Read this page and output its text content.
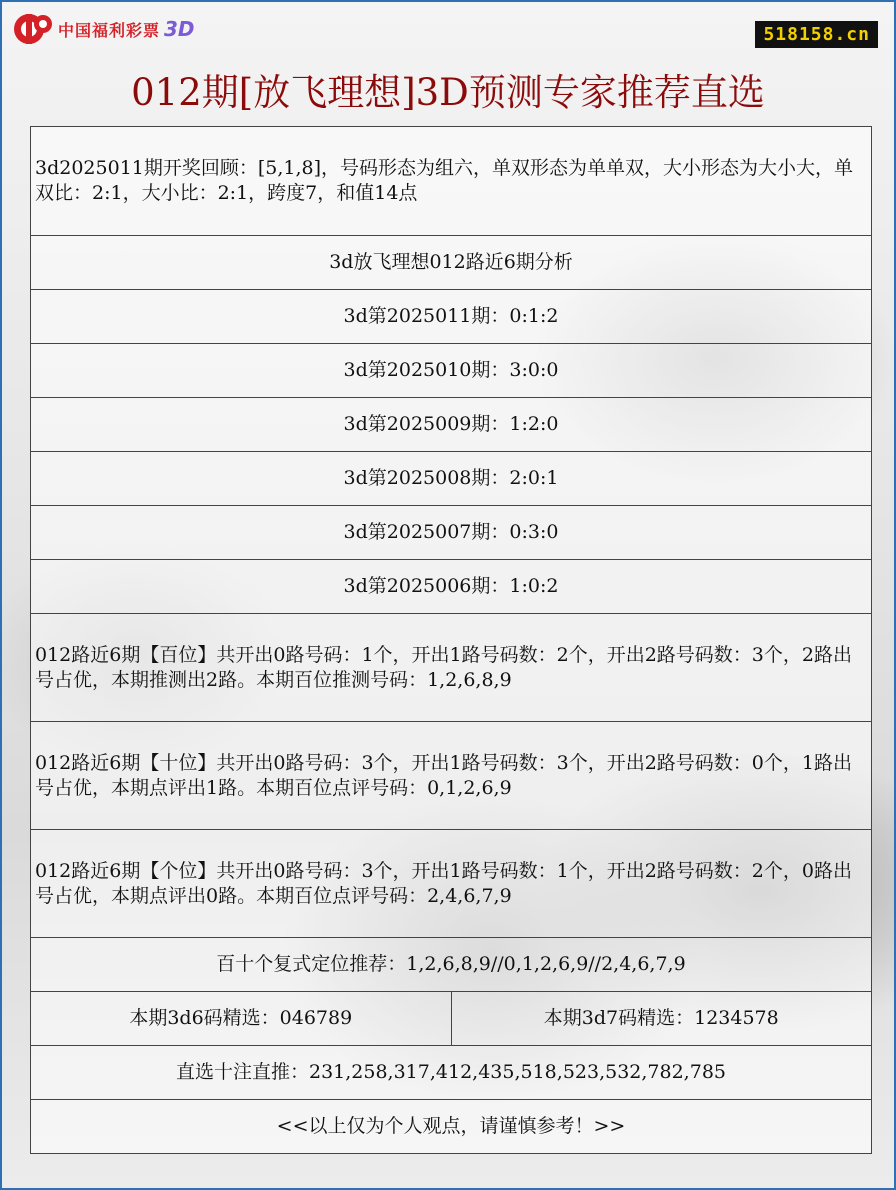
中国福利彩票 3D	518158.cn
012期[放飞理想]3D预测专家推荐直选
3d2025011期开奖回顾：[5,1,8]，号码形态为组六，单双形态为单单双，大小形态为大小大，单双比：2:1，大小比：2:1，跨度7，和值14点
3d放飞理想012路近6期分析
3d第2025011期：0:1:2
3d第2025010期：3:0:0
3d第2025009期：1:2:0
3d第2025008期：2:0:1
3d第2025007期：0:3:0
3d第2025006期：1:0:2
012路近6期【百位】共开出0路号码：1个，开出1路号码数：2个，开出2路号码数：3个，2路出号占优，本期推测出2路。本期百位推测号码：1,2,6,8,9
012路近6期【十位】共开出0路号码：3个，开出1路号码数：3个，开出2路号码数：0个，1路出号占优，本期点评出1路。本期百位点评号码：0,1,2,6,9
012路近6期【个位】共开出0路号码：3个，开出1路号码数：1个，开出2路号码数：2个，0路出号占优，本期点评出0路。本期百位点评号码：2,4,6,7,9
百十个复式定位推荐：1,2,6,8,9//0,1,2,6,9//2,4,6,7,9
本期3d6码精选：046789	本期3d7码精选：1234578
直选十注直推：231,258,317,412,435,518,523,532,782,785
<<以上仅为个人观点，请谨慎参考！>>
